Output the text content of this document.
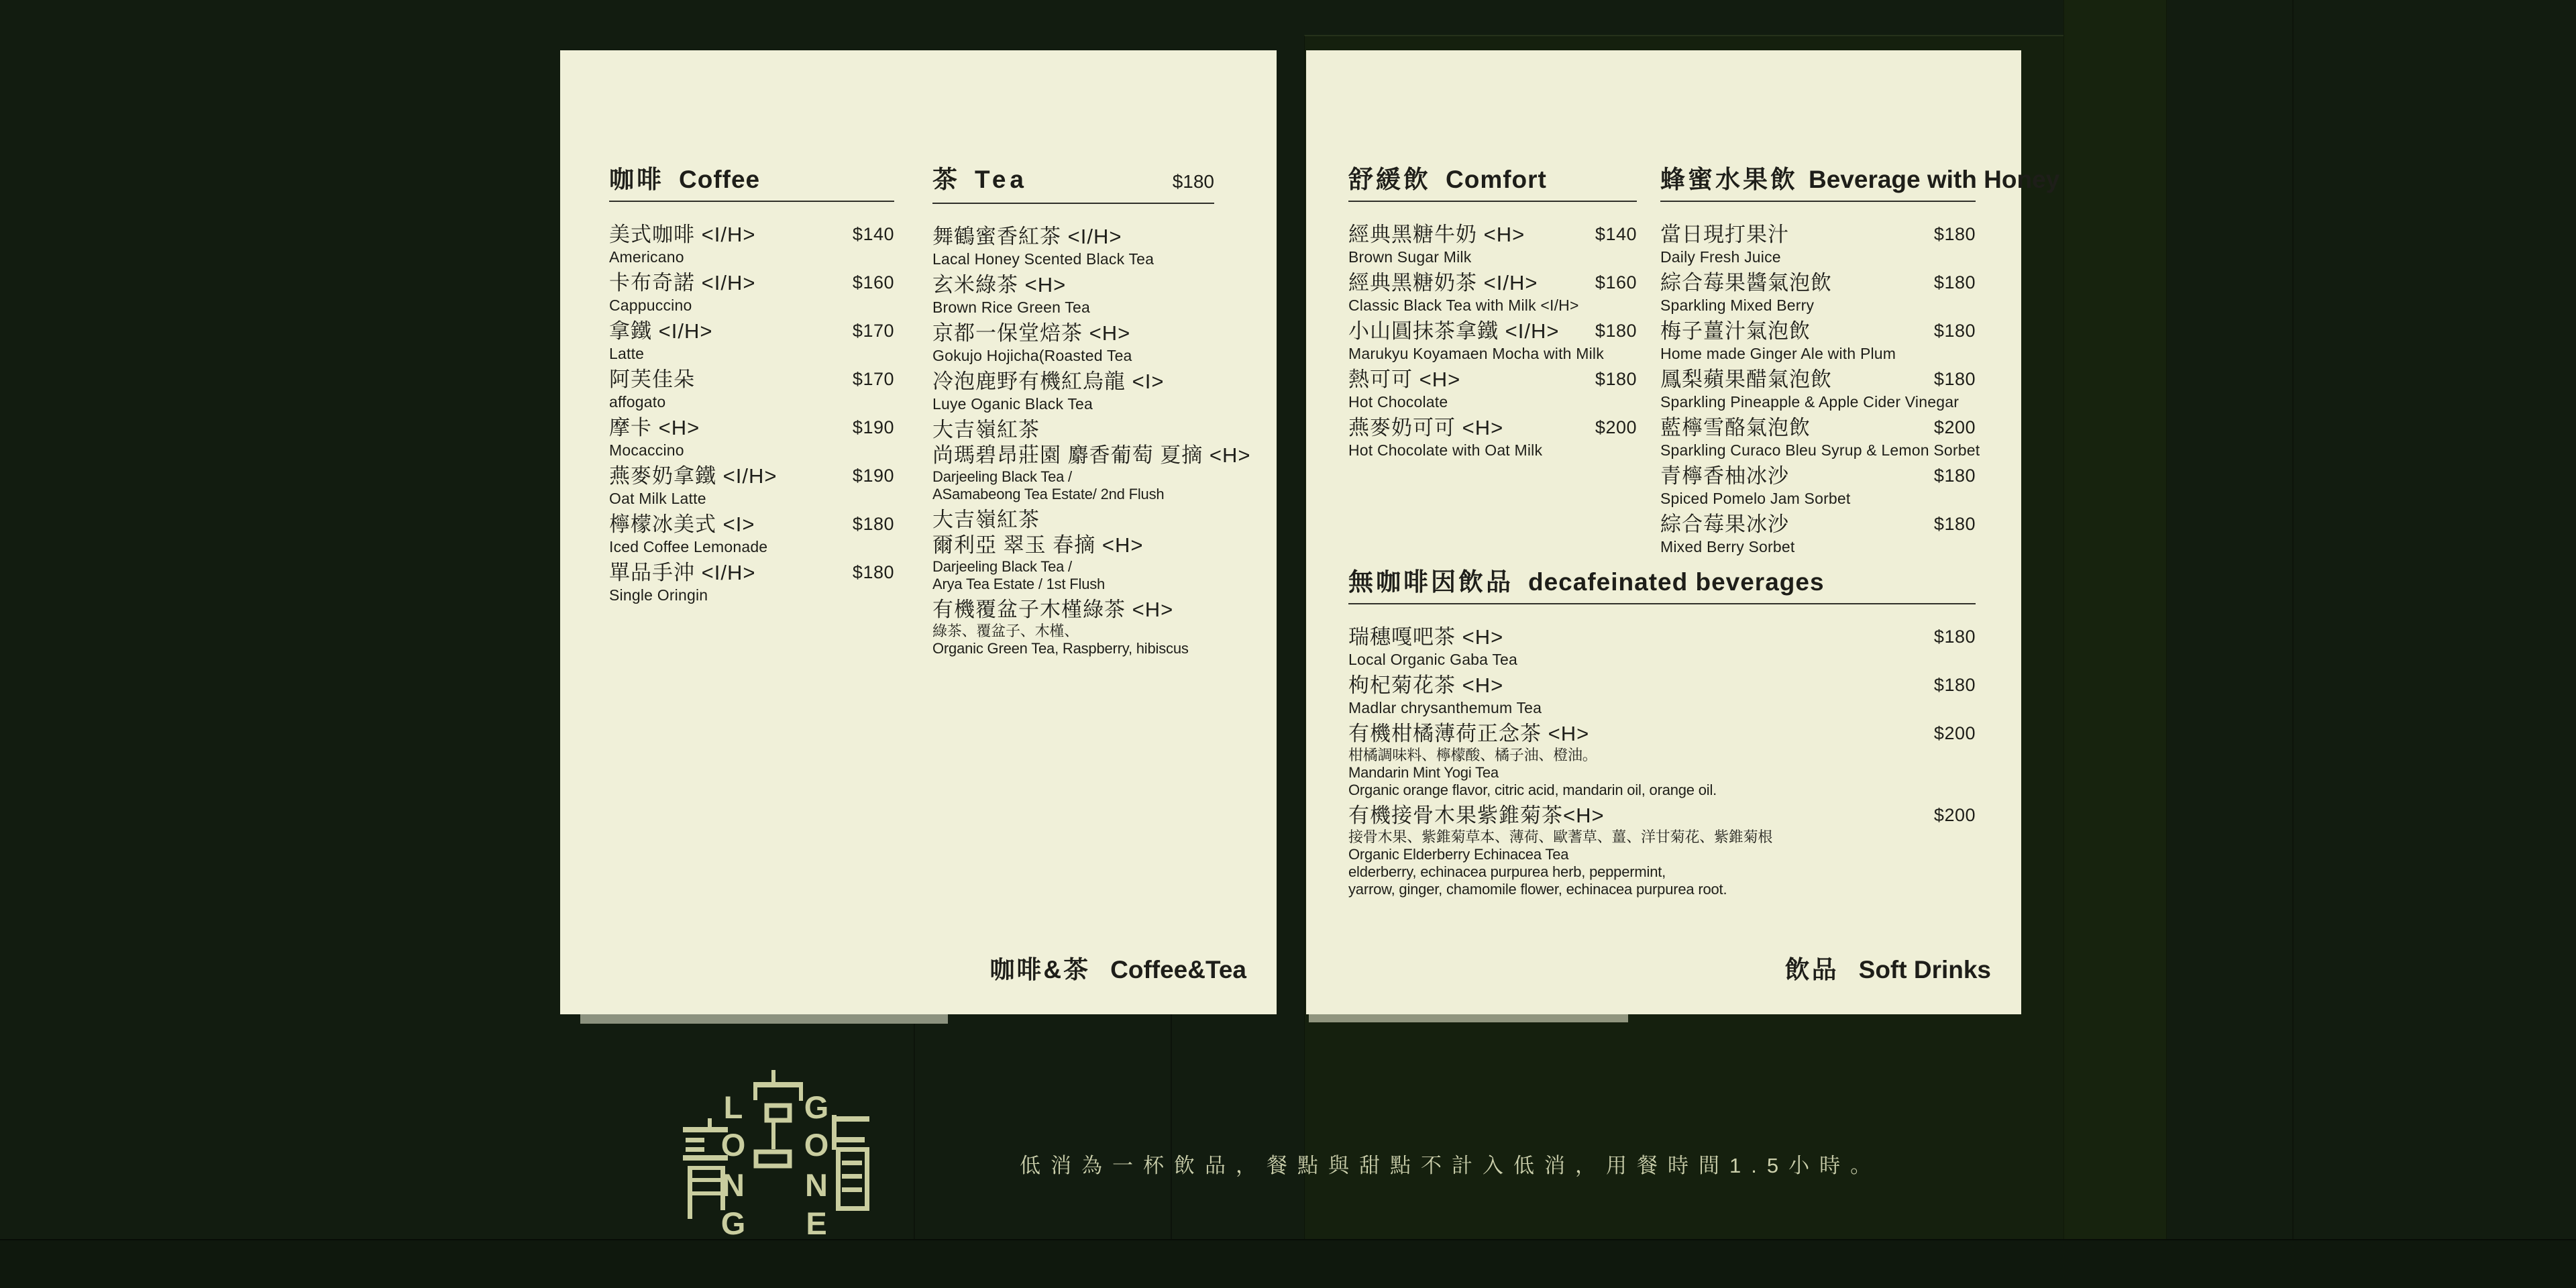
咖啡 Coffee
美式咖啡 <I/H>
Americano
$140
卡布奇諾 <I/H>
Cappuccino
$160
拿鐵 <I/H>
Latte
$170
阿芙佳朵
affogato
$170
摩卡 <H>
Mocaccino
$190
燕麥奶拿鐵 <I/H>
Oat Milk Latte
$190
檸檬冰美式 <I>
Iced Coffee Lemonade
$180
單品手沖 <I/H>
Single Oringin
$180
茶 Tea	$180
舞鶴蜜香紅茶 <I/H>
Lacal Honey Scented Black Tea
玄米綠茶 <H>
Brown Rice Green Tea
京都一保堂焙茶 <H>
Gokujo Hojicha(Roasted Tea
冷泡鹿野有機紅烏龍 <I>
Luye Oganic Black Tea
大吉嶺紅茶
尚瑪碧昂莊園 麝香葡萄 夏摘 <H>
Darjeeling Black Tea /
ASamabeong Tea Estate/ 2nd Flush
大吉嶺紅茶
爾利亞 翠玉 春摘 <H>
Darjeeling Black Tea /
Arya Tea Estate / 1st Flush
有機覆盆子木槿綠茶 <H>
綠茶、覆盆子、木槿、
Organic Green Tea, Raspberry, hibiscus
咖啡&茶 Coffee&Tea
舒緩飲 Comfort
經典黑糖牛奶 <H>
Brown Sugar Milk
$140
經典黑糖奶茶 <I/H>
Classic Black Tea with Milk <I/H>
$160
小山圓抹茶拿鐵 <I/H>
Marukyu Koyamaen Mocha with Milk
$180
熱可可 <H>
Hot Chocolate
$180
燕麥奶可可 <H>
Hot Chocolate with Oat Milk
$200
蜂蜜水果飲 Beverage with Honey
當日現打果汁
Daily Fresh Juice
$180
綜合莓果醬氣泡飲
Sparkling Mixed Berry
$180
梅子薑汁氣泡飲
Home made Ginger Ale with Plum
$180
鳳梨蘋果醋氣泡飲
Sparkling Pineapple & Apple Cider Vinegar
$180
藍檸雪酪氣泡飲
Sparkling Curaco Bleu Syrup & Lemon Sorbet
$200
青檸香柚冰沙
Spiced Pomelo Jam Sorbet
$180
綜合莓果冰沙
Mixed Berry Sorbet
$180
無咖啡因飲品 decafeinated beverages
瑞穗嘎吧茶 <H>
Local Organic Gaba Tea
$180
枸杞菊花茶 <H>
Madlar chrysanthemum Tea
$180
有機柑橘薄荷正念茶 <H>
柑橘調味料、檸檬酸、橘子油、橙油。
Mandarin Mint Yogi Tea
Organic orange flavor, citric acid, mandarin oil, orange oil.
$200
有機接骨木果紫錐菊茶<H>
接骨木果、紫錐菊草本、薄荷、歐蓍草、薑、洋甘菊花、紫錐菊根
Organic Elderberry Echinacea Tea
elderberry, echinacea purpurea herb, peppermint,
yarrow, ginger, chamomile flower, echinacea purpurea root.
$200
飲品 Soft Drinks
L
O
N
G
G
O
N
E
低消為一杯飲品，餐點與甜點不計入低消，用餐時間1.5小時。
